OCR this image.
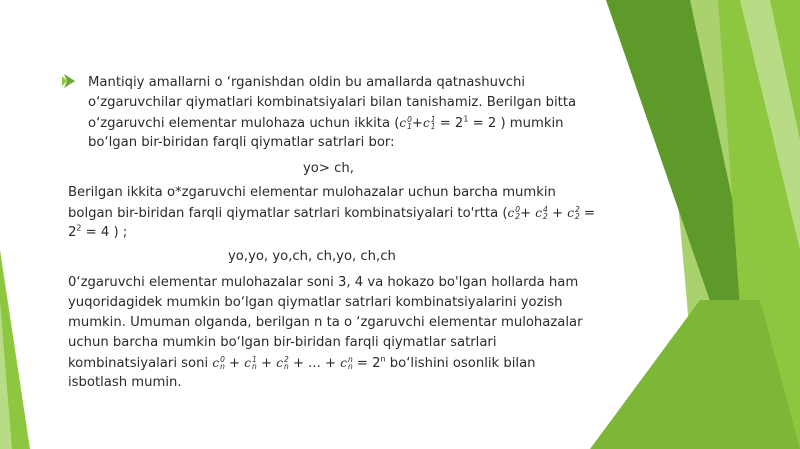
Mantiqiy amallarni o ‘rganishdan oldin bu amallarda qatnashuvchi
o‘zgaruvchilar qiymatlari kombinatsiyalari bilan tanishamiz. Berilgan bitta
o‘zgaruvchi elementar mulohaza uchun ikkita (c 0
1 +c 1
$1 = 2^1 = 2$ ) mumkin
bo‘lgan bir-biridan farqli qiymatlar satrlari bor:
yo> ch,
Berilgan ikkita o*zgaruvchi elementar mulohazalar uchun barcha mumkin
bolgan bir-biridan farqli qiymatlar satrlari kombinatsiyalari to'rtta (c 0
2 + c 4
2 + c 2
2 =
$2^2 = 4$ ) ;
yo,yo, yo,ch, ch,yo, ch,ch
0‘zgaruvchi elementar mulohazalar soni 3, 4 va hokazo bo'lgan hollarda ham
yuqoridagidek mumkin bo‘lgan qiymatlar satrlari kombinatsiyalarini yozish
mumkin. Umuman olganda, berilgan n ta o ‘zgaruvchi elementar mulohazalar
uchun barcha mumkin bo‘lgan bir-biridan farqli qiymatlar satrlari
kombinatsiyalari soni c 0
n + c 1
n + c 2
n + ... + c n
$n = 2^n$ bo‘lishini osonlik bilan
isbotlash mumin.
